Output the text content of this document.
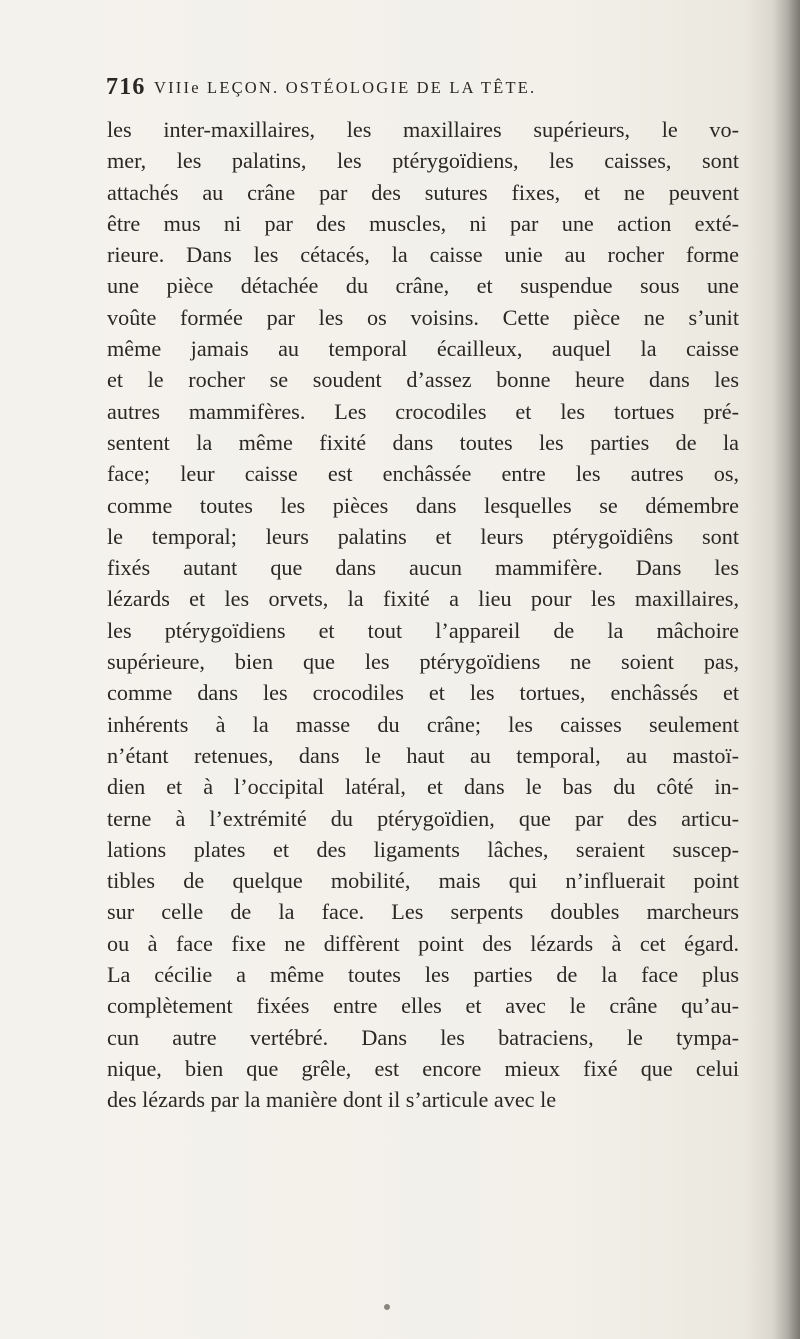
716 VIIIe LEÇON. OSTÉOLOGIE DE LA TÊTE.
les inter-maxillaires, les maxillaires supérieurs, le vo-
mer, les palatins, les ptérygoïdiens, les caisses, sont
attachés au crâne par des sutures fixes, et ne peuvent
être mus ni par des muscles, ni par une action exté-
rieure. Dans les cétacés, la caisse unie au rocher forme
une pièce détachée du crâne, et suspendue sous une
voûte formée par les os voisins. Cette pièce ne s’unit
même jamais au temporal écailleux, auquel la caisse
et le rocher se soudent d’assez bonne heure dans les
autres mammifères. Les crocodiles et les tortues pré-
sentent la même fixité dans toutes les parties de la
face; leur caisse est enchâssée entre les autres os,
comme toutes les pièces dans lesquelles se démembre
le temporal; leurs palatins et leurs ptérygoïdiêns sont
fixés autant que dans aucun mammifère. Dans les
lézards et les orvets, la fixité a lieu pour les maxillaires,
les ptérygoïdiens et tout l’appareil de la mâchoire
supérieure, bien que les ptérygoïdiens ne soient pas,
comme dans les crocodiles et les tortues, enchâssés et
inhérents à la masse du crâne; les caisses seulement
n’étant retenues, dans le haut au temporal, au mastoï-
dien et à l’occipital latéral, et dans le bas du côté in-
terne à l’extrémité du ptérygoïdien, que par des articu-
lations plates et des ligaments lâches, seraient suscep-
tibles de quelque mobilité, mais qui n’influerait point
sur celle de la face. Les serpents doubles marcheurs
ou à face fixe ne diffèrent point des lézards à cet égard.
La cécilie a même toutes les parties de la face plus
complètement fixées entre elles et avec le crâne qu’au-
cun autre vertébré. Dans les batraciens, le tympa-
nique, bien que grêle, est encore mieux fixé que celui
des lézards par la manière dont il s’articule avec le
